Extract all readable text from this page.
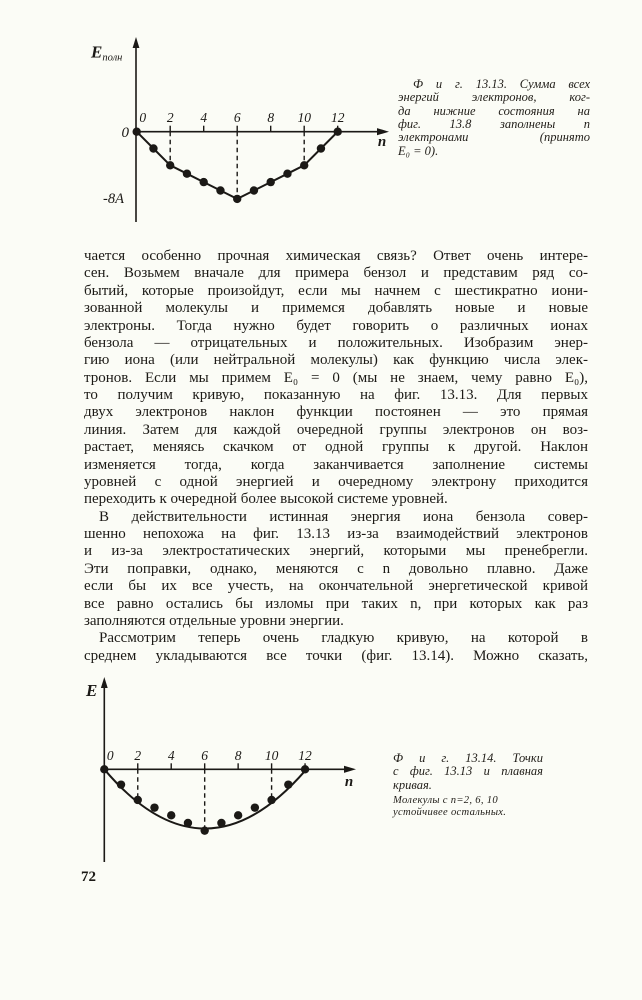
0 2 4 6 8 10 12
Eполн
0
-8A
n
Ф и г. 13.13. Сумма всех
энергий электронов, ког-
да нижние состояния на
фиг. 13.8 заполнены n
электронами (принято
E₀ = 0).
чается особенно прочная химическая связь? Ответ очень интере-
сен. Возьмем вначале для примера бензол и представим ряд со-
бытий, которые произойдут, если мы начнем с шестикратно иони-
зованной молекулы и примемся добавлять новые и новые
электроны. Тогда нужно будет говорить о различных ионах
бензола — отрицательных и положительных. Изобразим энер-
гию иона (или нейтральной молекулы) как функцию числа элек-
тронов. Если мы примем E₀ = 0 (мы не знаем, чему равно E₀),
то получим кривую, показанную на фиг. 13.13. Для первых
двух электронов наклон функции постоянен — это прямая
линия. Затем для каждой очередной группы электронов он воз-
растает, меняясь скачком от одной группы к другой. Наклон
изменяется тогда, когда заканчивается заполнение системы
уровней с одной энергией и очередному электрону приходится
переходить к очередной более высокой системе уровней.
В действительности истинная энергия иона бензола совер-
шенно непохожа на фиг. 13.13 из-за взаимодействий электронов
и из-за электростатических энергий, которыми мы пренебрегли.
Эти поправки, однако, меняются с n довольно плавно. Даже
если бы их все учесть, на окончательной энергетической кривой
все равно остались бы изломы при таких n, при которых как раз
заполняются отдельные уровни энергии.
Рассмотрим теперь очень гладкую кривую, на которой в
среднем укладываются все точки (фиг. 13.14). Можно сказать,
0 2 4 6 8 10 12
E
n
Ф и г. 13.14. Точки
с фиг. 13.13 и плавная
кривая.
Молекулы с n=2, 6, 10
устойчивее остальных.
72
